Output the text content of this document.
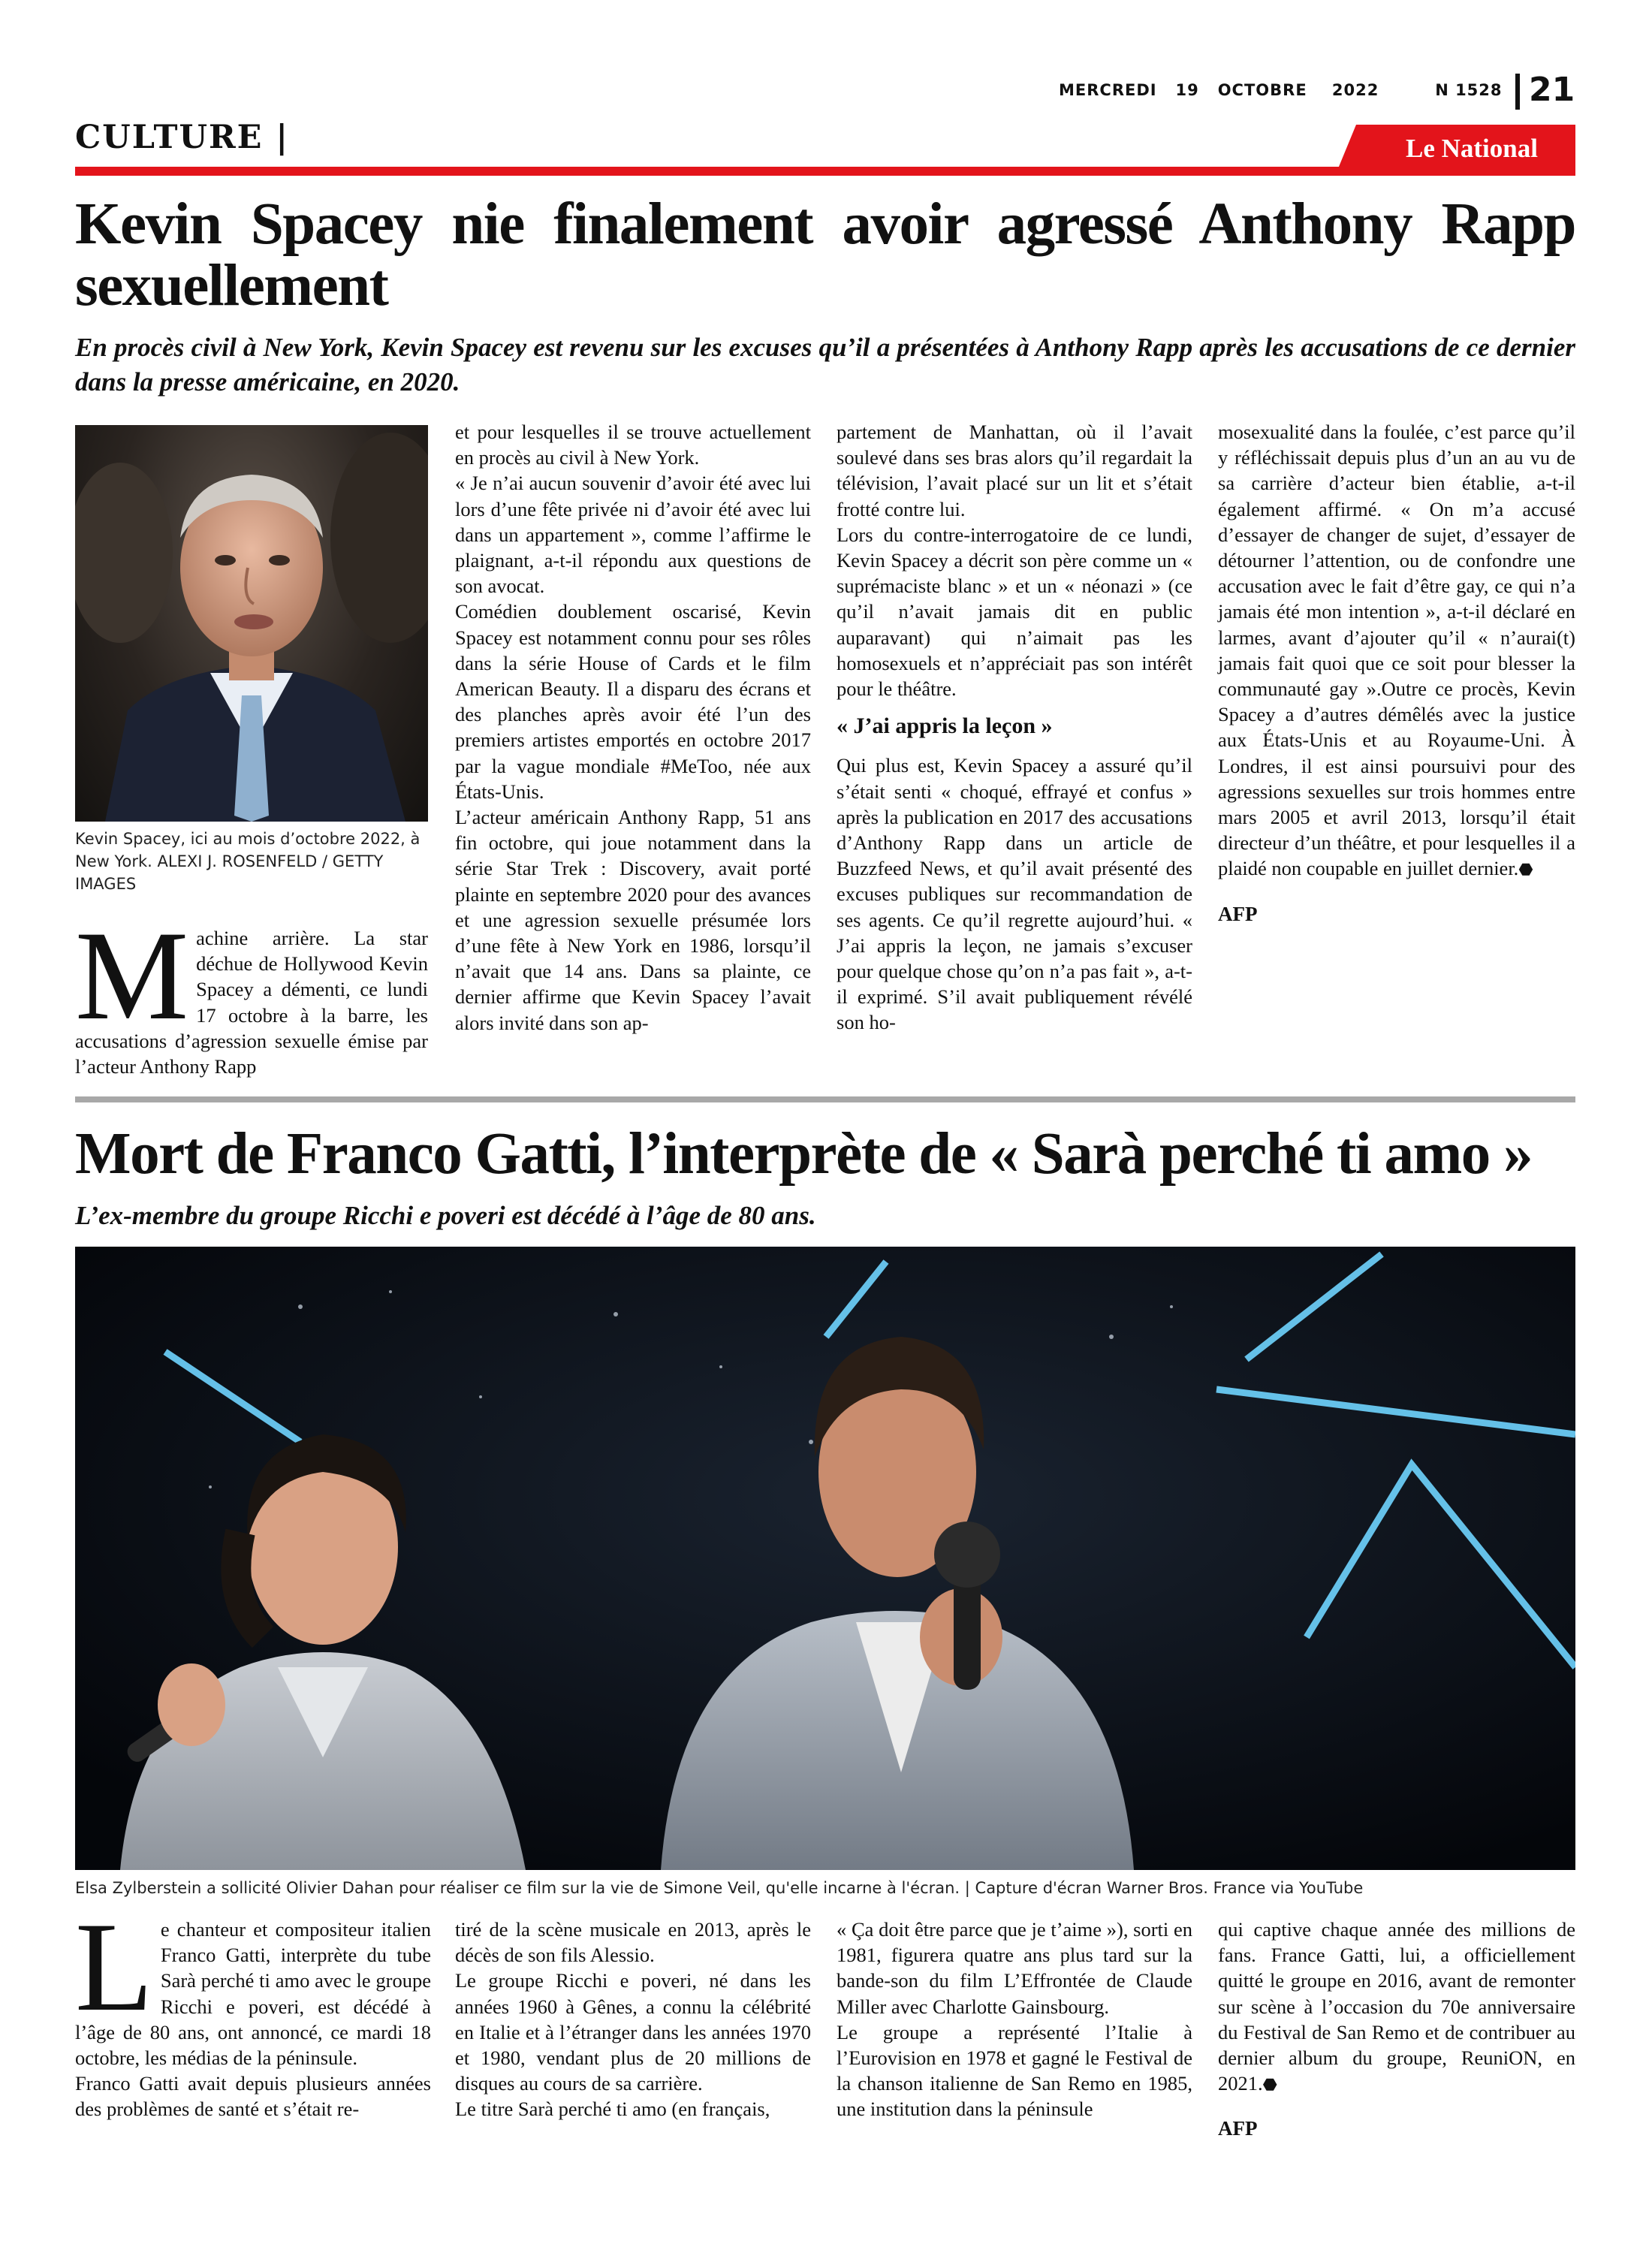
MERCREDI 19 OCTOBRE 2022	N 1528 21
CULTURE |	Le National
Kevin Spacey nie finalement avoir agressé Anthony Rapp sexuellement
En procès civil à New York, Kevin Spacey est revenu sur les excuses qu’il a présentées à Anthony Rapp après les accusations de ce dernier dans la presse américaine, en 2020.
Kevin Spacey, ici au mois d’octobre 2022, à New York. ALEXI J. ROSENFELD / GETTY IMAGES
M achine arrière. La star déchue de Hollywood Kevin Spacey a démenti, ce lundi 17 octobre à la barre, les accusations d’agression sexuelle émise par l’acteur Anthony Rapp

et pour lesquelles il se trouve actuellement en procès au civil à New York.

« Je n’ai aucun souvenir d’avoir été avec lui lors d’une fête privée ni d’avoir été avec lui dans un appartement », comme l’affirme le plaignant, a-t-il répondu aux questions de son avocat.

Comédien doublement oscarisé, Kevin Spacey est notamment connu pour ses rôles dans la série House of Cards et le film American Beauty. Il a disparu des écrans et des planches après avoir été l’un des premiers artistes emportés en octobre 2017 par la vague mondiale #MeToo, née aux États-Unis.

L’acteur américain Anthony Rapp, 51 ans fin octobre, qui joue notamment dans la série Star Trek : Discovery, avait porté plainte en septembre 2020 pour des avances et une agression sexuelle présumée lors d’une fête à New York en 1986, lorsqu’il n’avait que 14 ans. Dans sa plainte, ce dernier affirme que Kevin Spacey l’avait alors invité dans son ap-

partement de Manhattan, où il l’avait soulevé dans ses bras alors qu’il regardait la télévision, l’avait placé sur un lit et s’était frotté contre lui.

Lors du contre-interrogatoire de ce lundi, Kevin Spacey a décrit son père comme un « suprémaciste blanc » et un « néonazi » (ce qu’il n’avait jamais dit en public auparavant) qui n’aimait pas les homosexuels et n’appréciait pas son intérêt pour le théâtre.

« J’ai appris la leçon »

Qui plus est, Kevin Spacey a assuré qu’il s’était senti « choqué, effrayé et confus » après la publication en 2017 des accusations d’Anthony Rapp dans un article de Buzzfeed News, et qu’il avait présenté des excuses publiques sur recommandation de ses agents. Ce qu’il regrette aujourd’hui. « J’ai appris la leçon, ne jamais s’excuser pour quelque chose qu’on n’a pas fait », a-t-il exprimé. S’il avait publiquement révélé son ho-

mosexualité dans la foulée, c’est parce qu’il y réfléchissait depuis plus d’un an au vu de sa carrière d’acteur bien établie, a-t-il également affirmé. « On m’a accusé d’essayer de changer de sujet, d’essayer de détourner l’attention, ou de confondre une accusation avec le fait d’être gay, ce qui n’a jamais été mon intention », a-t-il déclaré en larmes, avant d’ajouter qu’il « n’aurai(t) jamais fait quoi que ce soit pour blesser la communauté gay ».Outre ce procès, Kevin Spacey a d’autres démêlés avec la justice aux États-Unis et au Royaume-Uni. À Londres, il est ainsi poursuivi pour des agressions sexuelles sur trois hommes entre mars 2005 et avril 2013, lorsqu’il était directeur d’un théâtre, et pour lesquelles il a plaidé non coupable en juillet dernier.⬣

AFP
Mort de Franco Gatti, l’interprète de « Sarà perché ti amo »
L’ex-membre du groupe Ricchi e poveri est décédé à l’âge de 80 ans.
Elsa Zylberstein a sollicité Olivier Dahan pour réaliser ce film sur la vie de Simone Veil, qu'elle incarne à l'écran. | Capture d'écran Warner Bros. France via YouTube
L e chanteur et compositeur italien Franco Gatti, interprète du tube Sarà perché ti amo avec le groupe Ricchi e poveri, est décédé à l’âge de 80 ans, ont annoncé, ce mardi 18 octobre, les médias de la péninsule.

Franco Gatti avait depuis plusieurs années des problèmes de santé et s’était re-

tiré de la scène musicale en 2013, après le décès de son fils Alessio.

Le groupe Ricchi e poveri, né dans les années 1960 à Gênes, a connu la célébrité en Italie et à l’étranger dans les années 1970 et 1980, vendant plus de 20 millions de disques au cours de sa carrière.

Le titre Sarà perché ti amo (en français,

« Ça doit être parce que je t’aime »), sorti en 1981, figurera quatre ans plus tard sur la bande-son du film L’Effrontée de Claude Miller avec Charlotte Gainsbourg.

Le groupe a représenté l’Italie à l’Eurovision en 1978 et gagné le Festival de la chanson italienne de San Remo en 1985, une institution dans la péninsule

qui captive chaque année des millions de fans. France Gatti, lui, a officiellement quitté le groupe en 2016, avant de remonter sur scène à l’occasion du 70e anniversaire du Festival de San Remo et de contribuer au dernier album du groupe, ReuniON, en 2021.⬣

AFP
